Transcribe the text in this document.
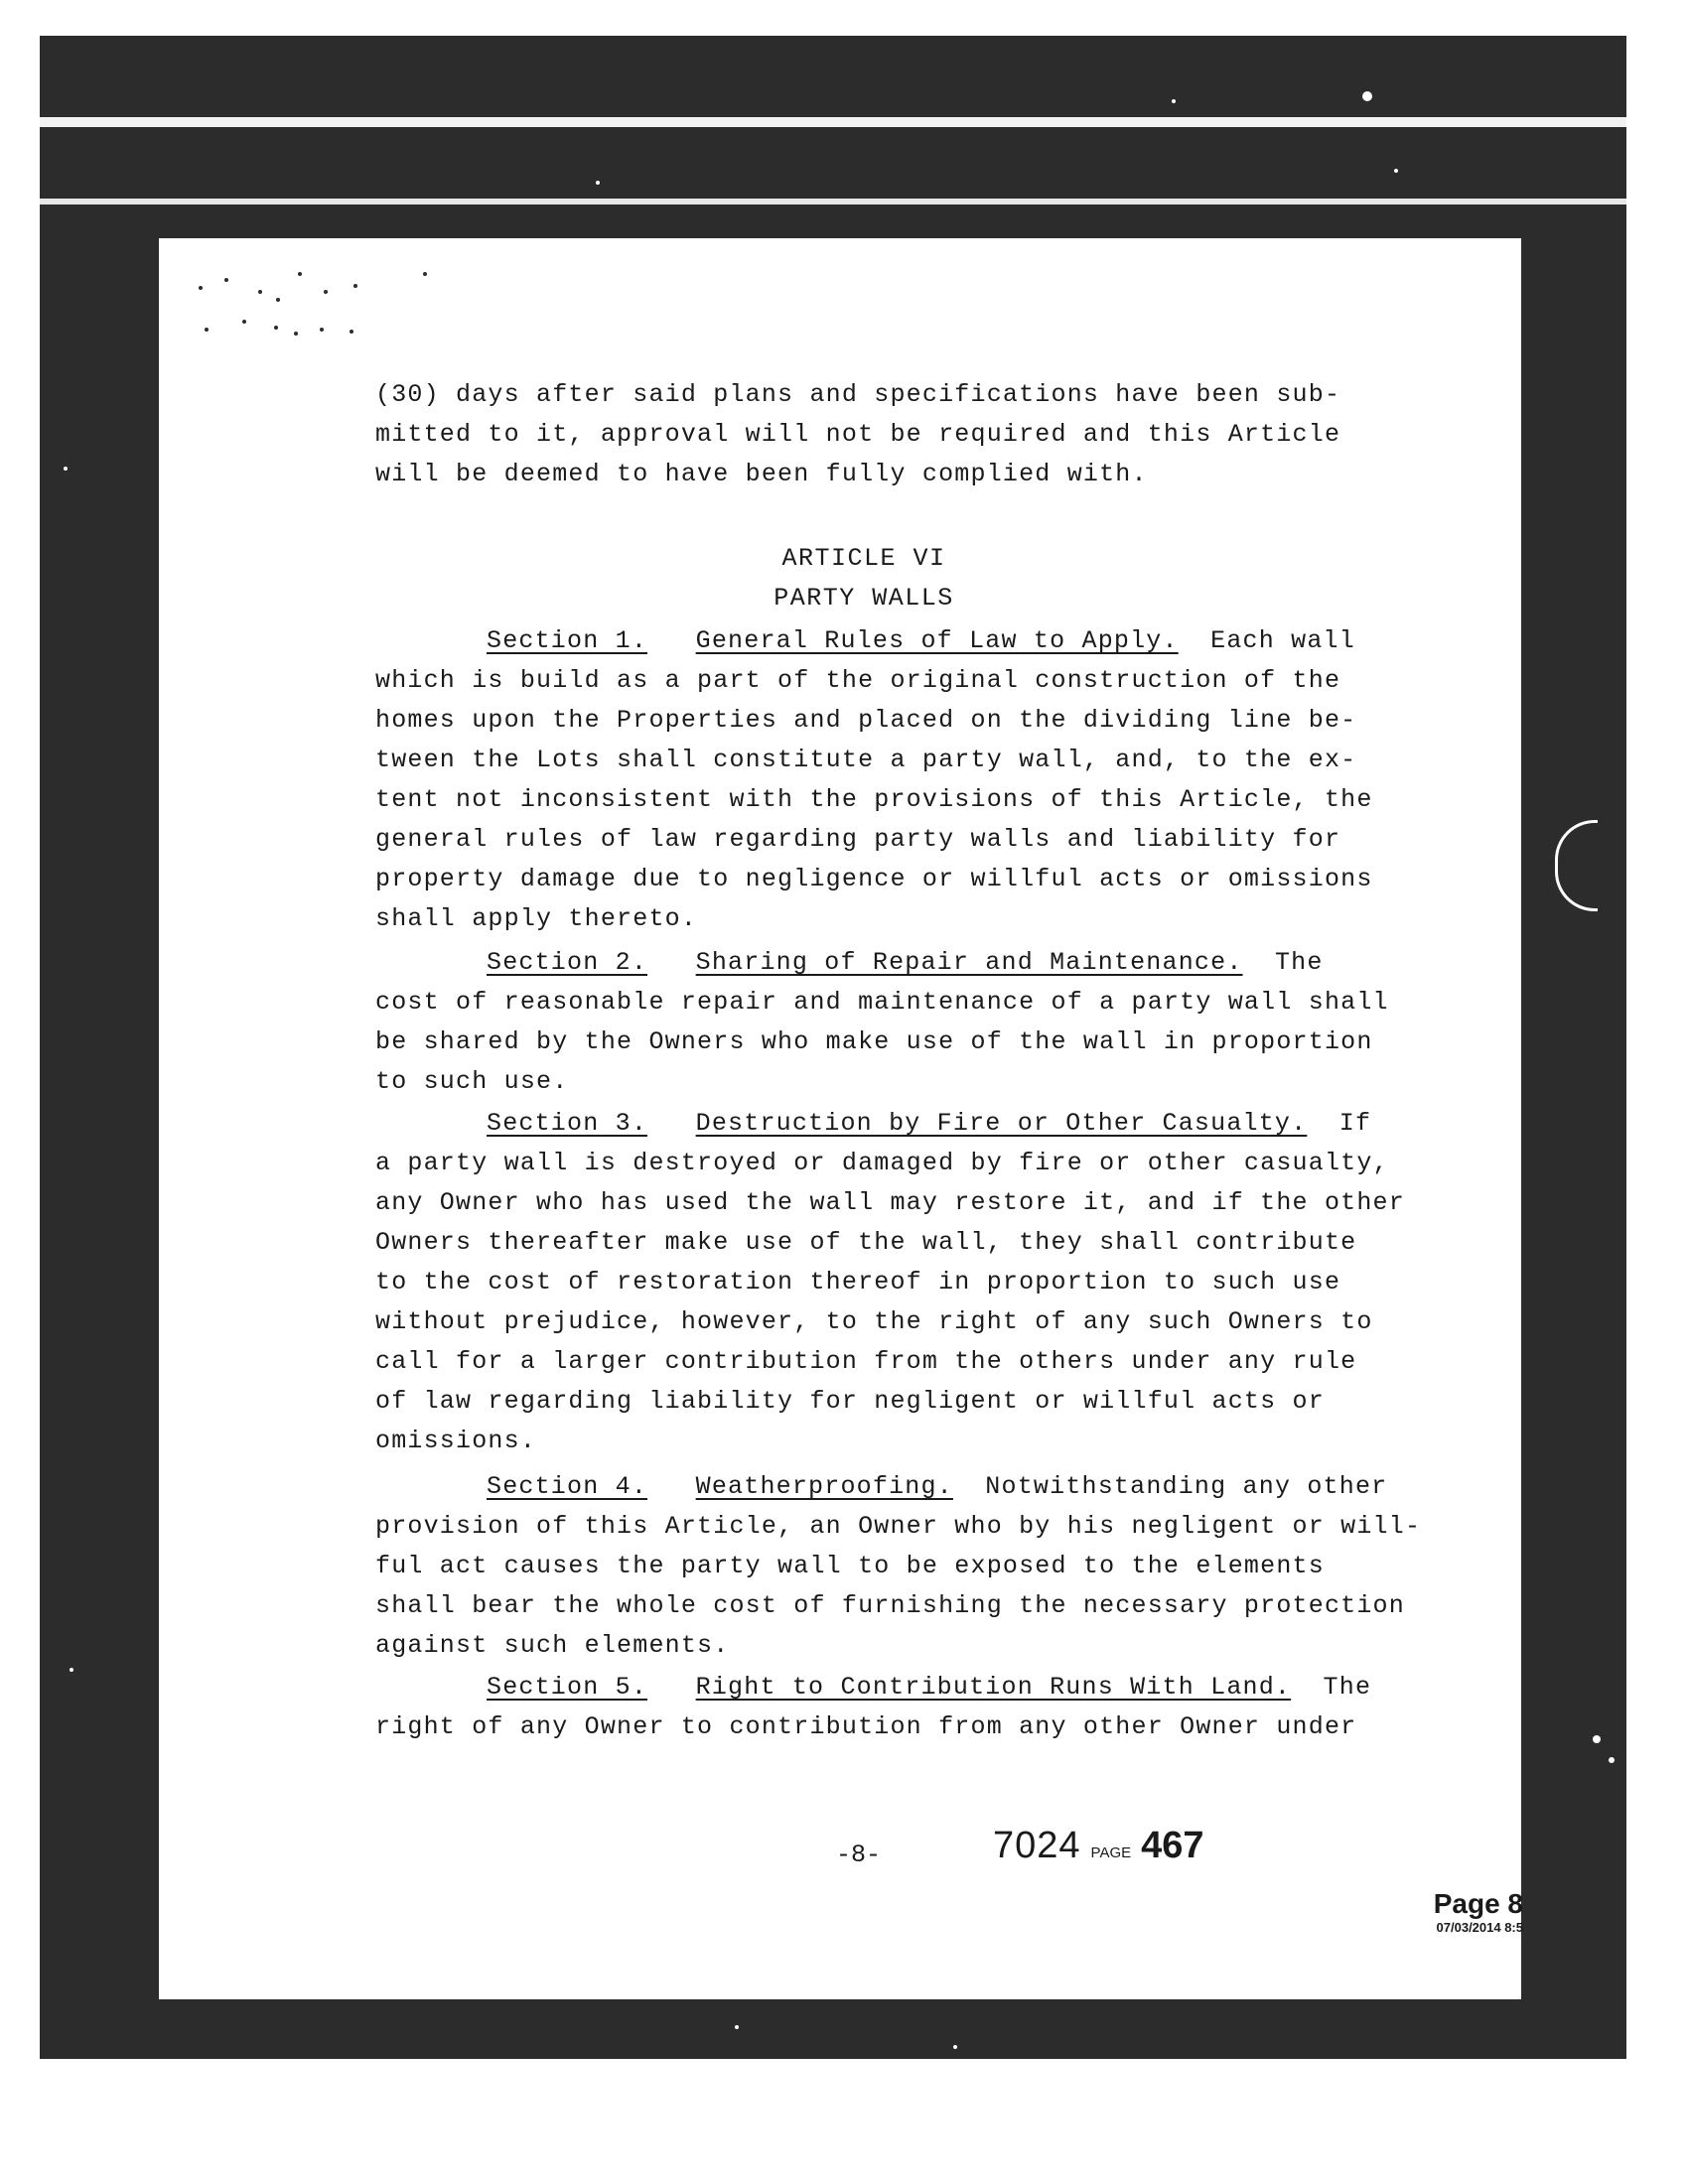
(30) days after said plans and specifications have been sub-
mitted to it, approval will not be required and this Article
will be deemed to have been fully complied with.
ARTICLE VI
PARTY WALLS
Section 1. General Rules of Law to Apply. Each wall
which is build as a part of the original construction of the
homes upon the Properties and placed on the dividing line be-
tween the Lots shall constitute a party wall, and, to the ex-
tent not inconsistent with the provisions of this Article, the
general rules of law regarding party walls and liability for
property damage due to negligence or willful acts or omissions
shall apply thereto.
Section 2. Sharing of Repair and Maintenance. The
cost of reasonable repair and maintenance of a party wall shall
be shared by the Owners who make use of the wall in proportion
to such use.
Section 3. Destruction by Fire or Other Casualty. If
a party wall is destroyed or damaged by fire or other casualty,
any Owner who has used the wall may restore it, and if the other
Owners thereafter make use of the wall, they shall contribute
to the cost of restoration thereof in proportion to such use
without prejudice, however, to the right of any such Owners to
call for a larger contribution from the others under any rule
of law regarding liability for negligent or willful acts or
omissions.
Section 4. Weatherproofing. Notwithstanding any other
provision of this Article, an Owner who by his negligent or will-
ful act causes the party wall to be exposed to the elements
shall bear the whole cost of furnishing the necessary protection
against such elements.
Section 5. Right to Contribution Runs With Land. The
right of any Owner to contribution from any other Owner under
-8-	7024 PAGE 467
Page 8
07/03/2014 8:5
